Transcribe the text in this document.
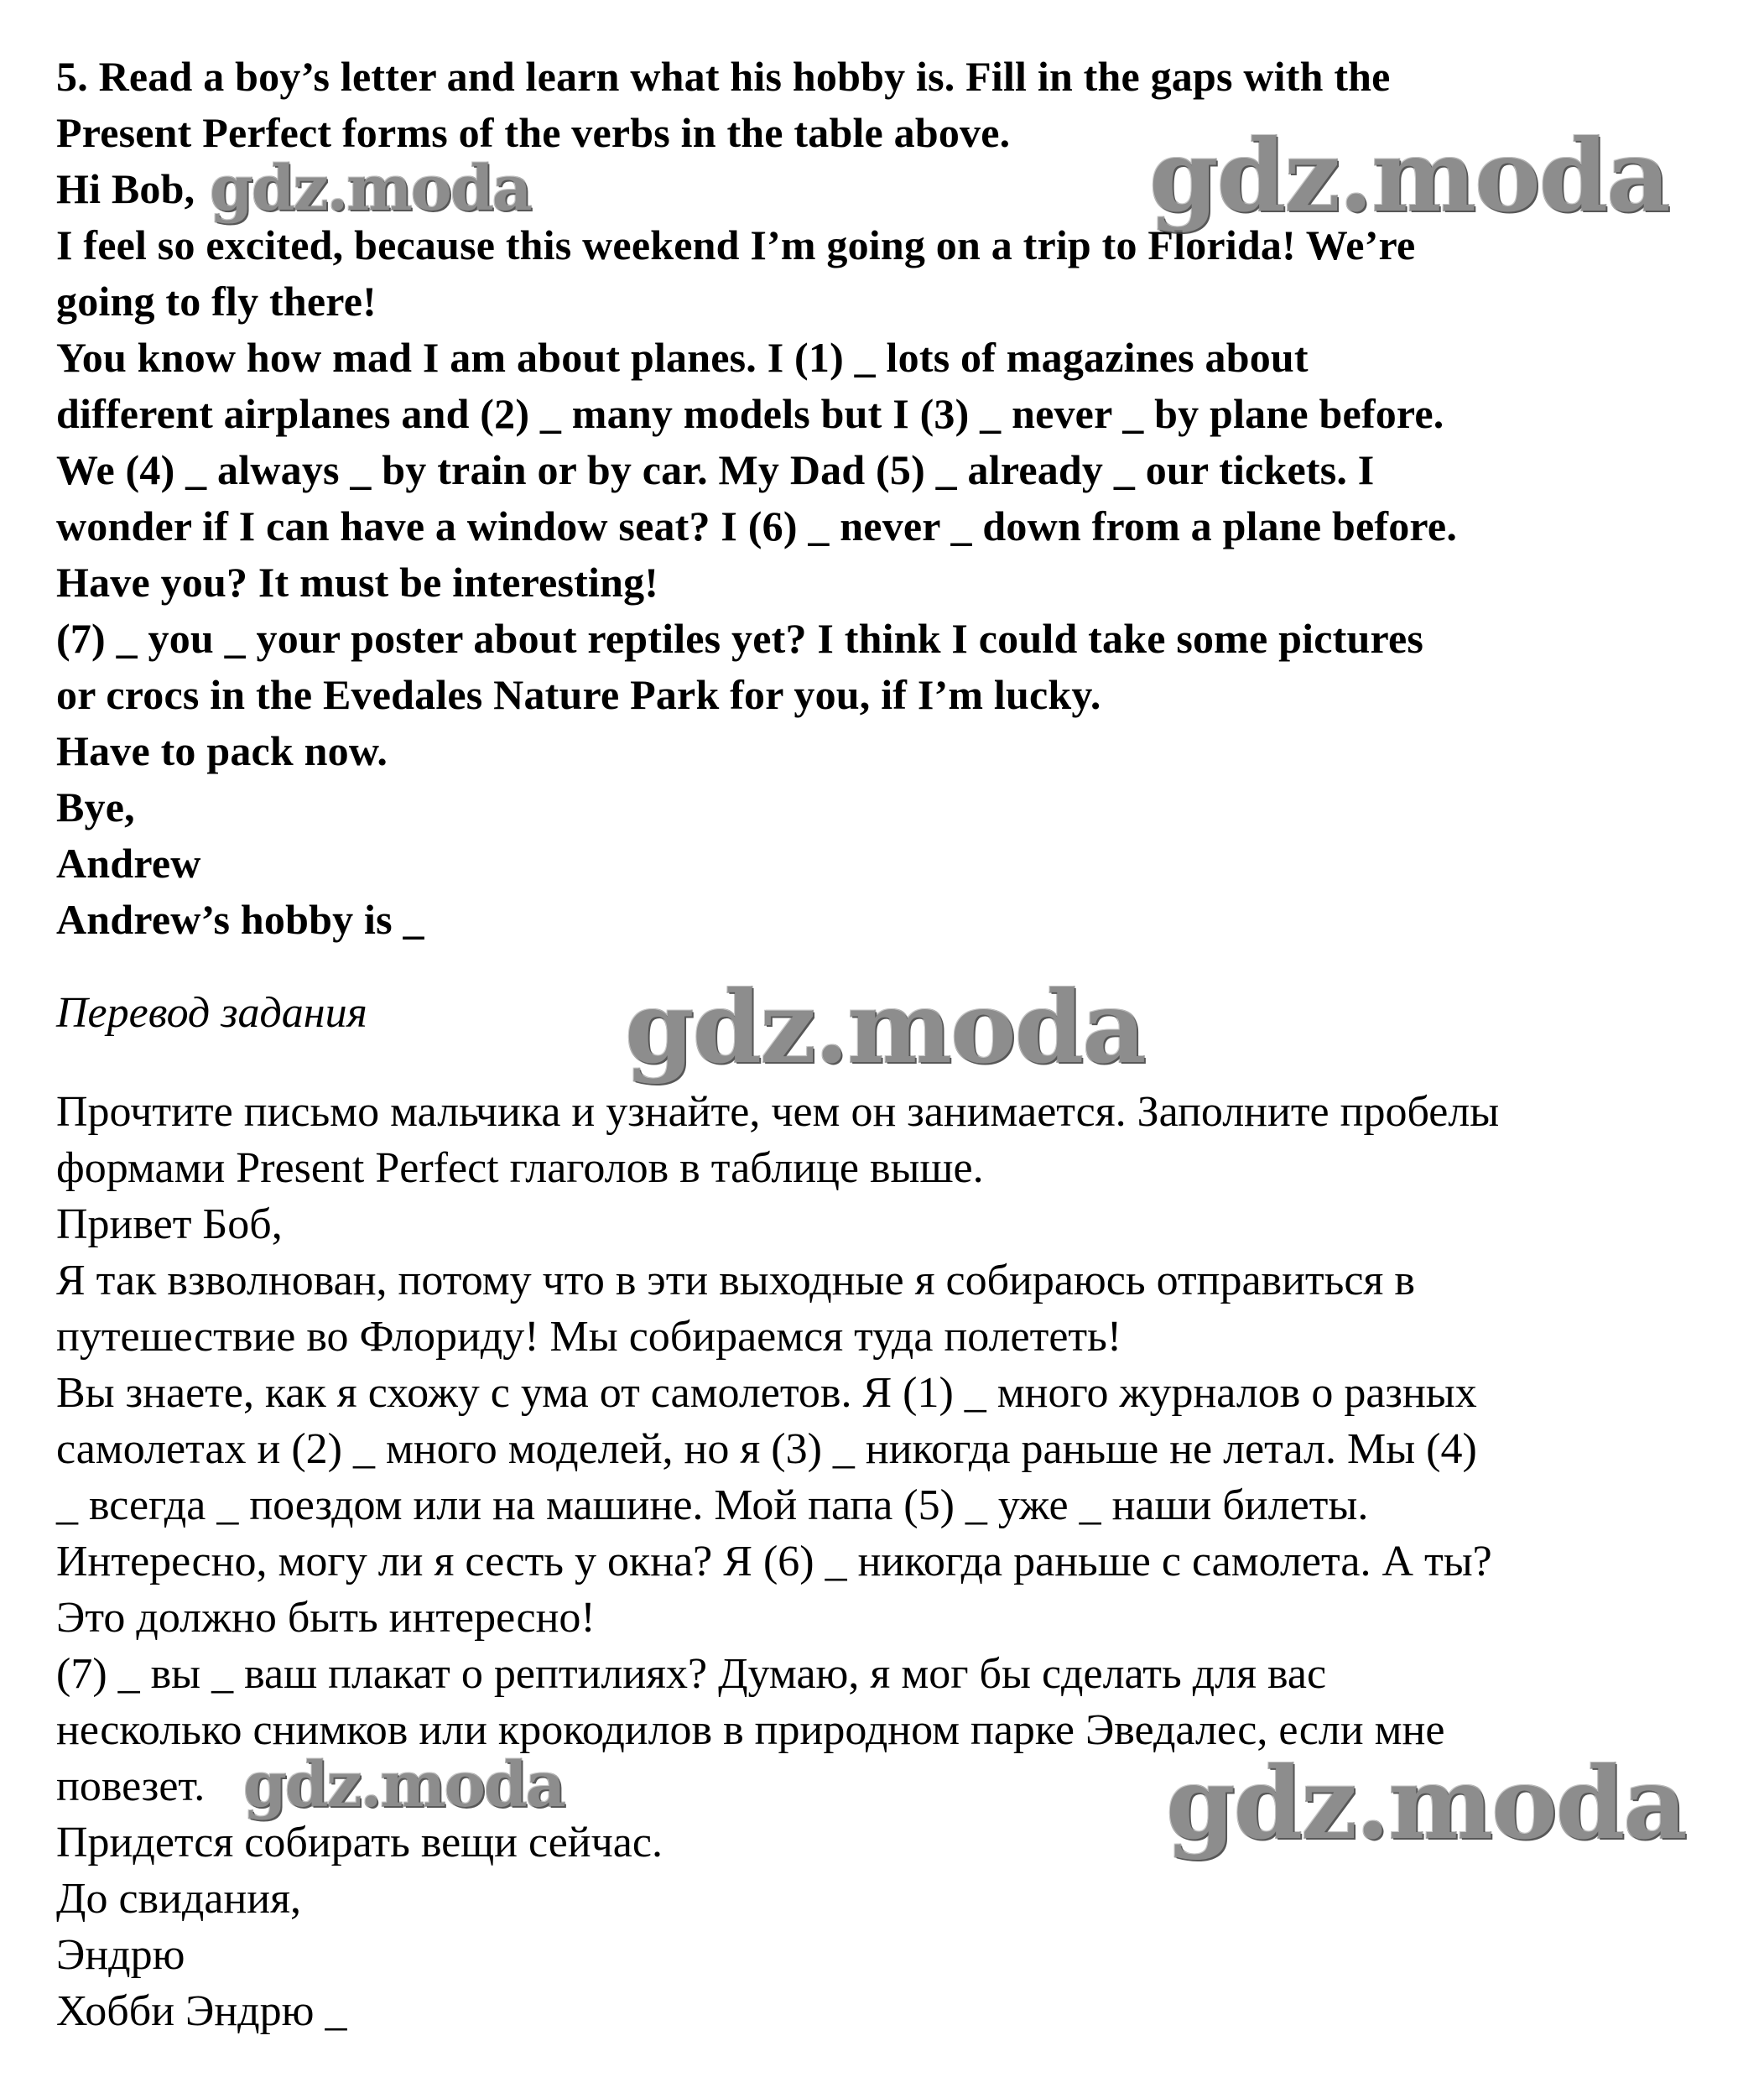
5. Read a boy’s letter and learn what his hobby is. Fill in the gaps with the

Present Perfect forms of the verbs in the table above.

Hi Bob,

I feel so excited, because this weekend I’m going on a trip to Florida! We’re

going to fly there!

You know how mad I am about planes. I (1) _ lots of magazines about

different airplanes and (2) _ many models but I (3) _ never _ by plane before.

We (4) _ always _ by train or by car. My Dad (5) _ already _ our tickets. I

wonder if I can have a window seat? I (6) _ never _ down from a plane before.

Have you? It must be interesting!

(7) _ you _ your poster about reptiles yet? I think I could take some pictures

or crocs in the Evedales Nature Park for you, if I’m lucky.

Have to pack now.

Bye,

Andrew

Andrew’s hobby is _

Перевод задания

Прочтите письмо мальчика и узнайте, чем он занимается. Заполните пробелы

формами Present Perfect глаголов в таблице выше.

Привет Боб,

Я так взволнован, потому что в эти выходные я собираюсь отправиться в

путешествие во Флориду! Мы собираемся туда полететь!

Вы знаете, как я схожу с ума от самолетов. Я (1) _ много журналов о разных

самолетах и (2) _ много моделей, но я (3) _ никогда раньше не летал. Мы (4)

_ всегда _ поездом или на машине. Мой папа (5) _ уже _ наши билеты.

Интересно, могу ли я сесть у окна? Я (6) _ никогда раньше с самолета. А ты?

Это должно быть интересно!

(7) _ вы _ ваш плакат о рептилиях? Думаю, я мог бы сделать для вас

несколько снимков или крокодилов в природном парке Эведалес, если мне

повезет.

Придется собирать вещи сейчас.

До свидания,

Эндрю

Хобби Эндрю _

gdz.moda	gdz.moda
gdz.moda
gdz.moda	gdz.moda
